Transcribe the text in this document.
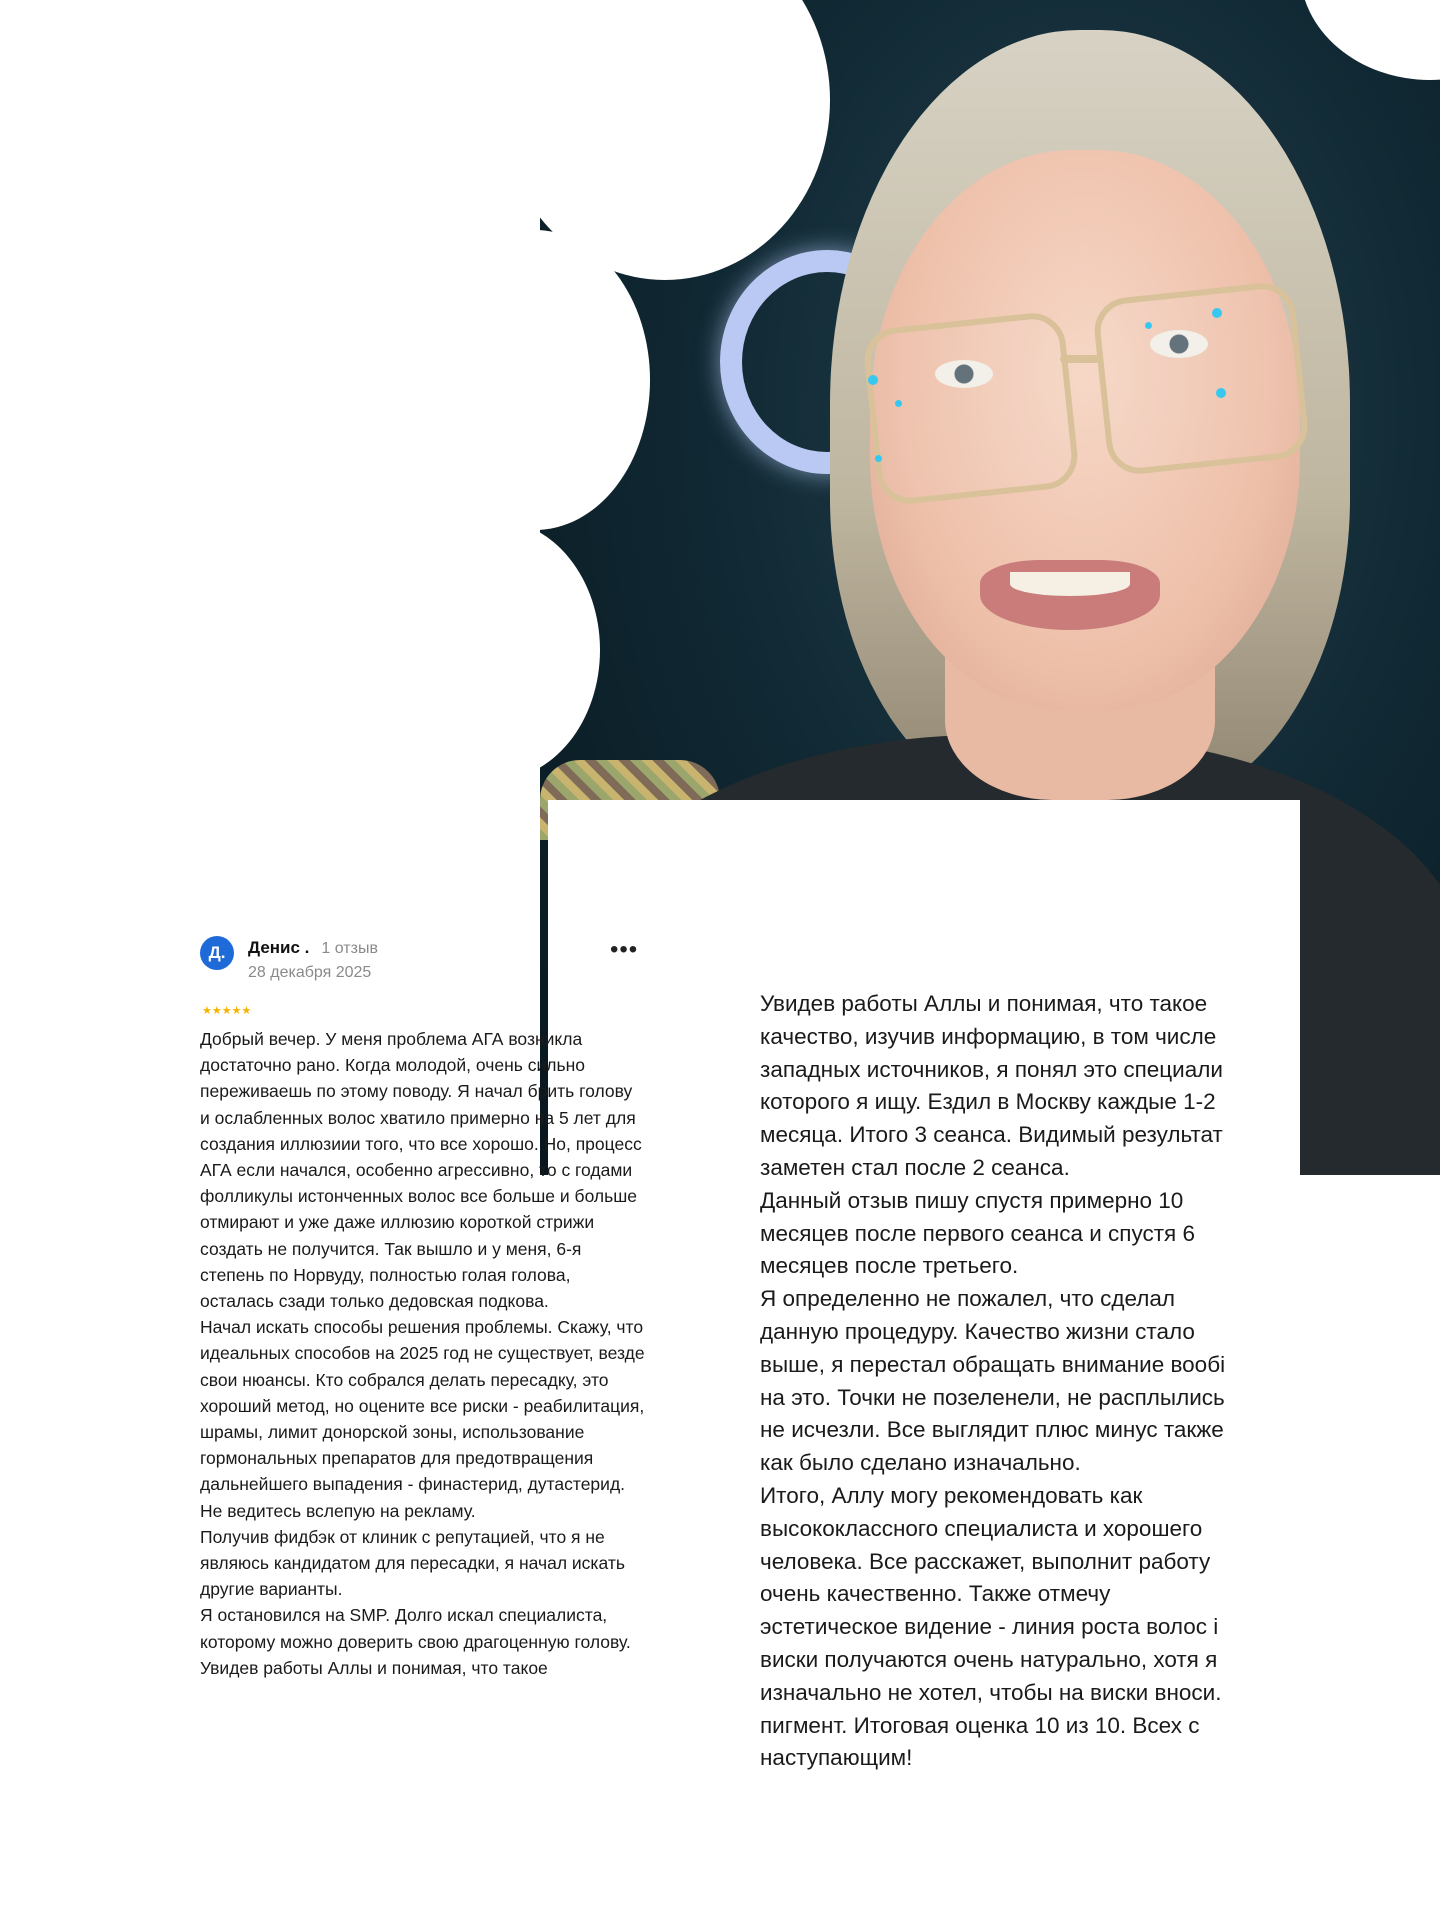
Д.	Денис . 1 отзыв
28 декабря 2025
•••
★★★★★

Добрый вечер. У меня проблема АГА возникла достаточно рано. Когда молодой, очень сильно переживаешь по этому поводу. Я начал брить голову и ослабленных волос хватило примерно на 5 лет для создания иллюзиии того, что все хорошо. Но, процесс АГА если начался, особенно агрессивно, то с годами фолликулы истонченных волос все больше и больше отмирают и уже даже иллюзию короткой стрижи создать не получится. Так вышло и у меня, 6-я степень по Норвуду, полностью голая голова, осталась сзади только дедовская подкова.

Начал искать способы решения проблемы. Скажу, что идеальных способов на 2025 год не существует, везде свои нюансы. Кто собрался делать пересадку, это хороший метод, но оцените все риски - реабилитация, шрамы, лимит донорской зоны, использование гормональных препаратов для предотвращения дальнейшего выпадения - финастерид, дутастерид. Не ведитесь вслепую на рекламу.

Получив фидбэк от клиник с репутацией, что я не являюсь кандидатом для пересадки, я начал искать другие варианты.

Я остановился на SMP. Долго искал специалиста, которому можно доверить свою драгоценную голову.

Увидев работы Аллы и понимая, что такое

Увидев работы Аллы и понимая, что такое

качество, изучив информацию, в том числе

западных источников, я понял это специали

которого я ищу. Ездил в Москву каждые 1-2

месяца. Итого 3 сеанса. Видимый результат

заметен стал после 2 сеанса.

Данный отзыв пишу спустя примерно 10

месяцев после первого сеанса и спустя 6

месяцев после третьего.

Я определенно не пожалел, что сделал

данную процедуру. Качество жизни стало

выше, я перестал обращать внимание вообі

на это. Точки не позеленели, не расплылись

не исчезли. Все выглядит плюс минус также

как было сделано изначально.

Итого, Аллу могу рекомендовать как

высококлассного специалиста и хорошего

человека. Все расскажет, выполнит работу

очень качественно. Также отмечу

эстетическое видение - линия роста волос і

виски получаются очень натурально, хотя я

изначально не хотел, чтобы на виски вноси.

пигмент. Итоговая оценка 10 из 10. Всех с

наступающим!
